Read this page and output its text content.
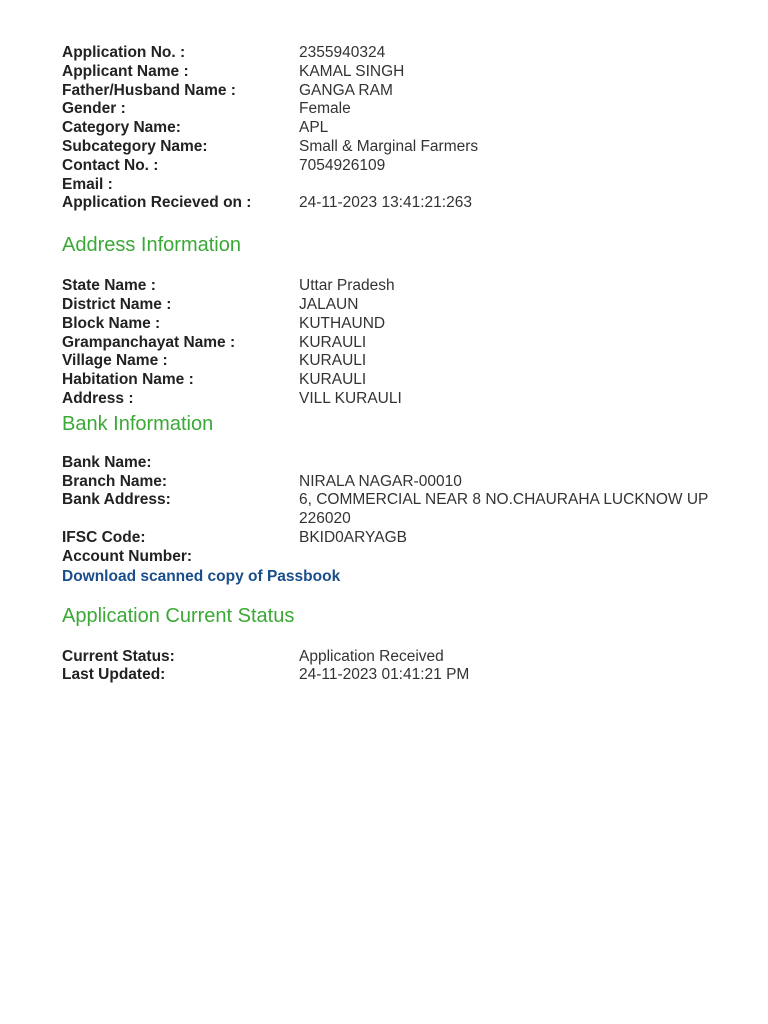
Application No. :	2355940324
Applicant Name :	KAMAL SINGH
Father/Husband Name :	GANGA RAM
Gender :	Female
Category Name:	APL
Subcategory Name:	Small & Marginal Farmers
Contact No. :	7054926109
Email :	
Application Recieved on :	24-11-2023 13:41:21:263
Address Information
State Name :	Uttar Pradesh
District Name :	JALAUN
Block Name :	KUTHAUND
Grampanchayat Name :	KURAULI
Village Name :	KURAULI
Habitation Name :	KURAULI
Address :	VILL KURAULI
Bank Information
Bank Name:	
Branch Name:	NIRALA NAGAR-00010
Bank Address:	6, COMMERCIAL NEAR 8 NO.CHAURAHA LUCKNOW UP 226020
IFSC Code:	BKID0ARYAGB
Account Number:	
Download scanned copy of Passbook
Application Current Status
Current Status:	Application Received
Last Updated:	24-11-2023 01:41:21 PM
